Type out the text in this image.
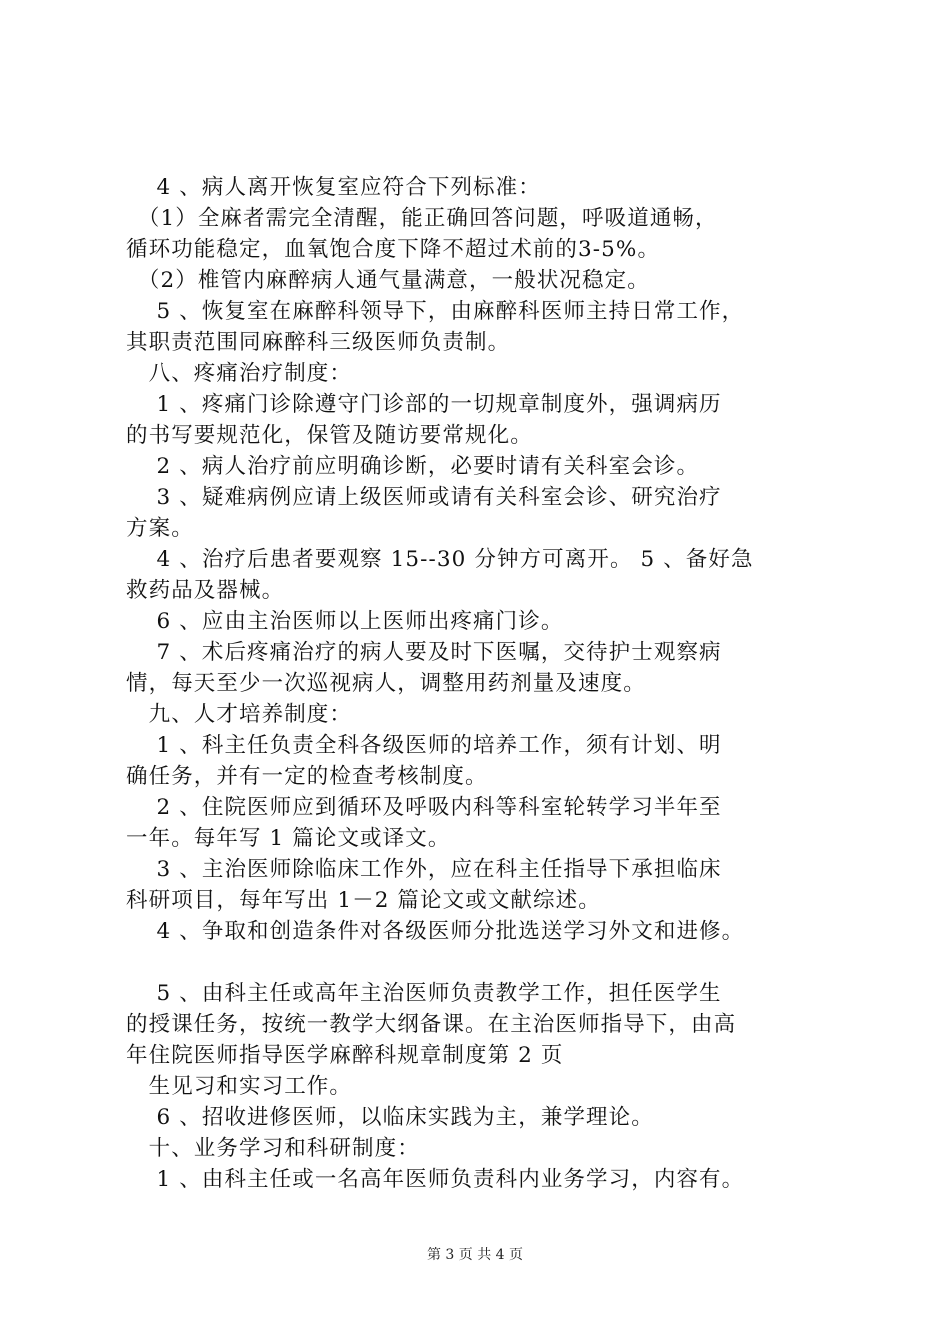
　 4 、病人离开恢复室应符合下列标准：
　（1）全麻者需完全清醒，能正确回答问题，呼吸道通畅，
循环功能稳定，血氧饱合度下降不超过术前的3-5%。
　（2）椎管内麻醉病人通气量满意，一般状况稳定。
　 5 、恢复室在麻醉科领导下，由麻醉科医师主持日常工作，
其职责范围同麻醉科三级医师负责制。
　八、疼痛治疗制度：
　 1 、疼痛门诊除遵守门诊部的一切规章制度外，强调病历
的书写要规范化，保管及随访要常规化。
　 2 、病人治疗前应明确诊断，必要时请有关科室会诊。
　 3 、疑难病例应请上级医师或请有关科室会诊、研究治疗
方案。
　 4 、治疗后患者要观察 15--30 分钟方可离开。 5 、备好急
救药品及器械。
　 6 、应由主治医师以上医师出疼痛门诊。
　 7 、术后疼痛治疗的病人要及时下医嘱，交待护士观察病
情，每天至少一次巡视病人，调整用药剂量及速度。
　九、人才培养制度：
　 1 、科主任负责全科各级医师的培养工作，须有计划、明
确任务，并有一定的检查考核制度。
　 2 、住院医师应到循环及呼吸内科等科室轮转学习半年至
一年。每年写 1 篇论文或译文。
　 3 、主治医师除临床工作外，应在科主任指导下承担临床
科研项目，每年写出 1－2 篇论文或文献综述。
　 4 、争取和创造条件对各级医师分批选送学习外文和进修。
　 5 、由科主任或高年主治医师负责教学工作，担任医学生
的授课任务，按统一教学大纲备课。在主治医师指导下，由高
年住院医师指导医学麻醉科规章制度第 2 页
　生见习和实习工作。
　 6 、招收进修医师，以临床实践为主，兼学理论。
　十、业务学习和科研制度：
　 1 、由科主任或一名高年医师负责科内业务学习，内容有。
第 3 页 共 4 页
